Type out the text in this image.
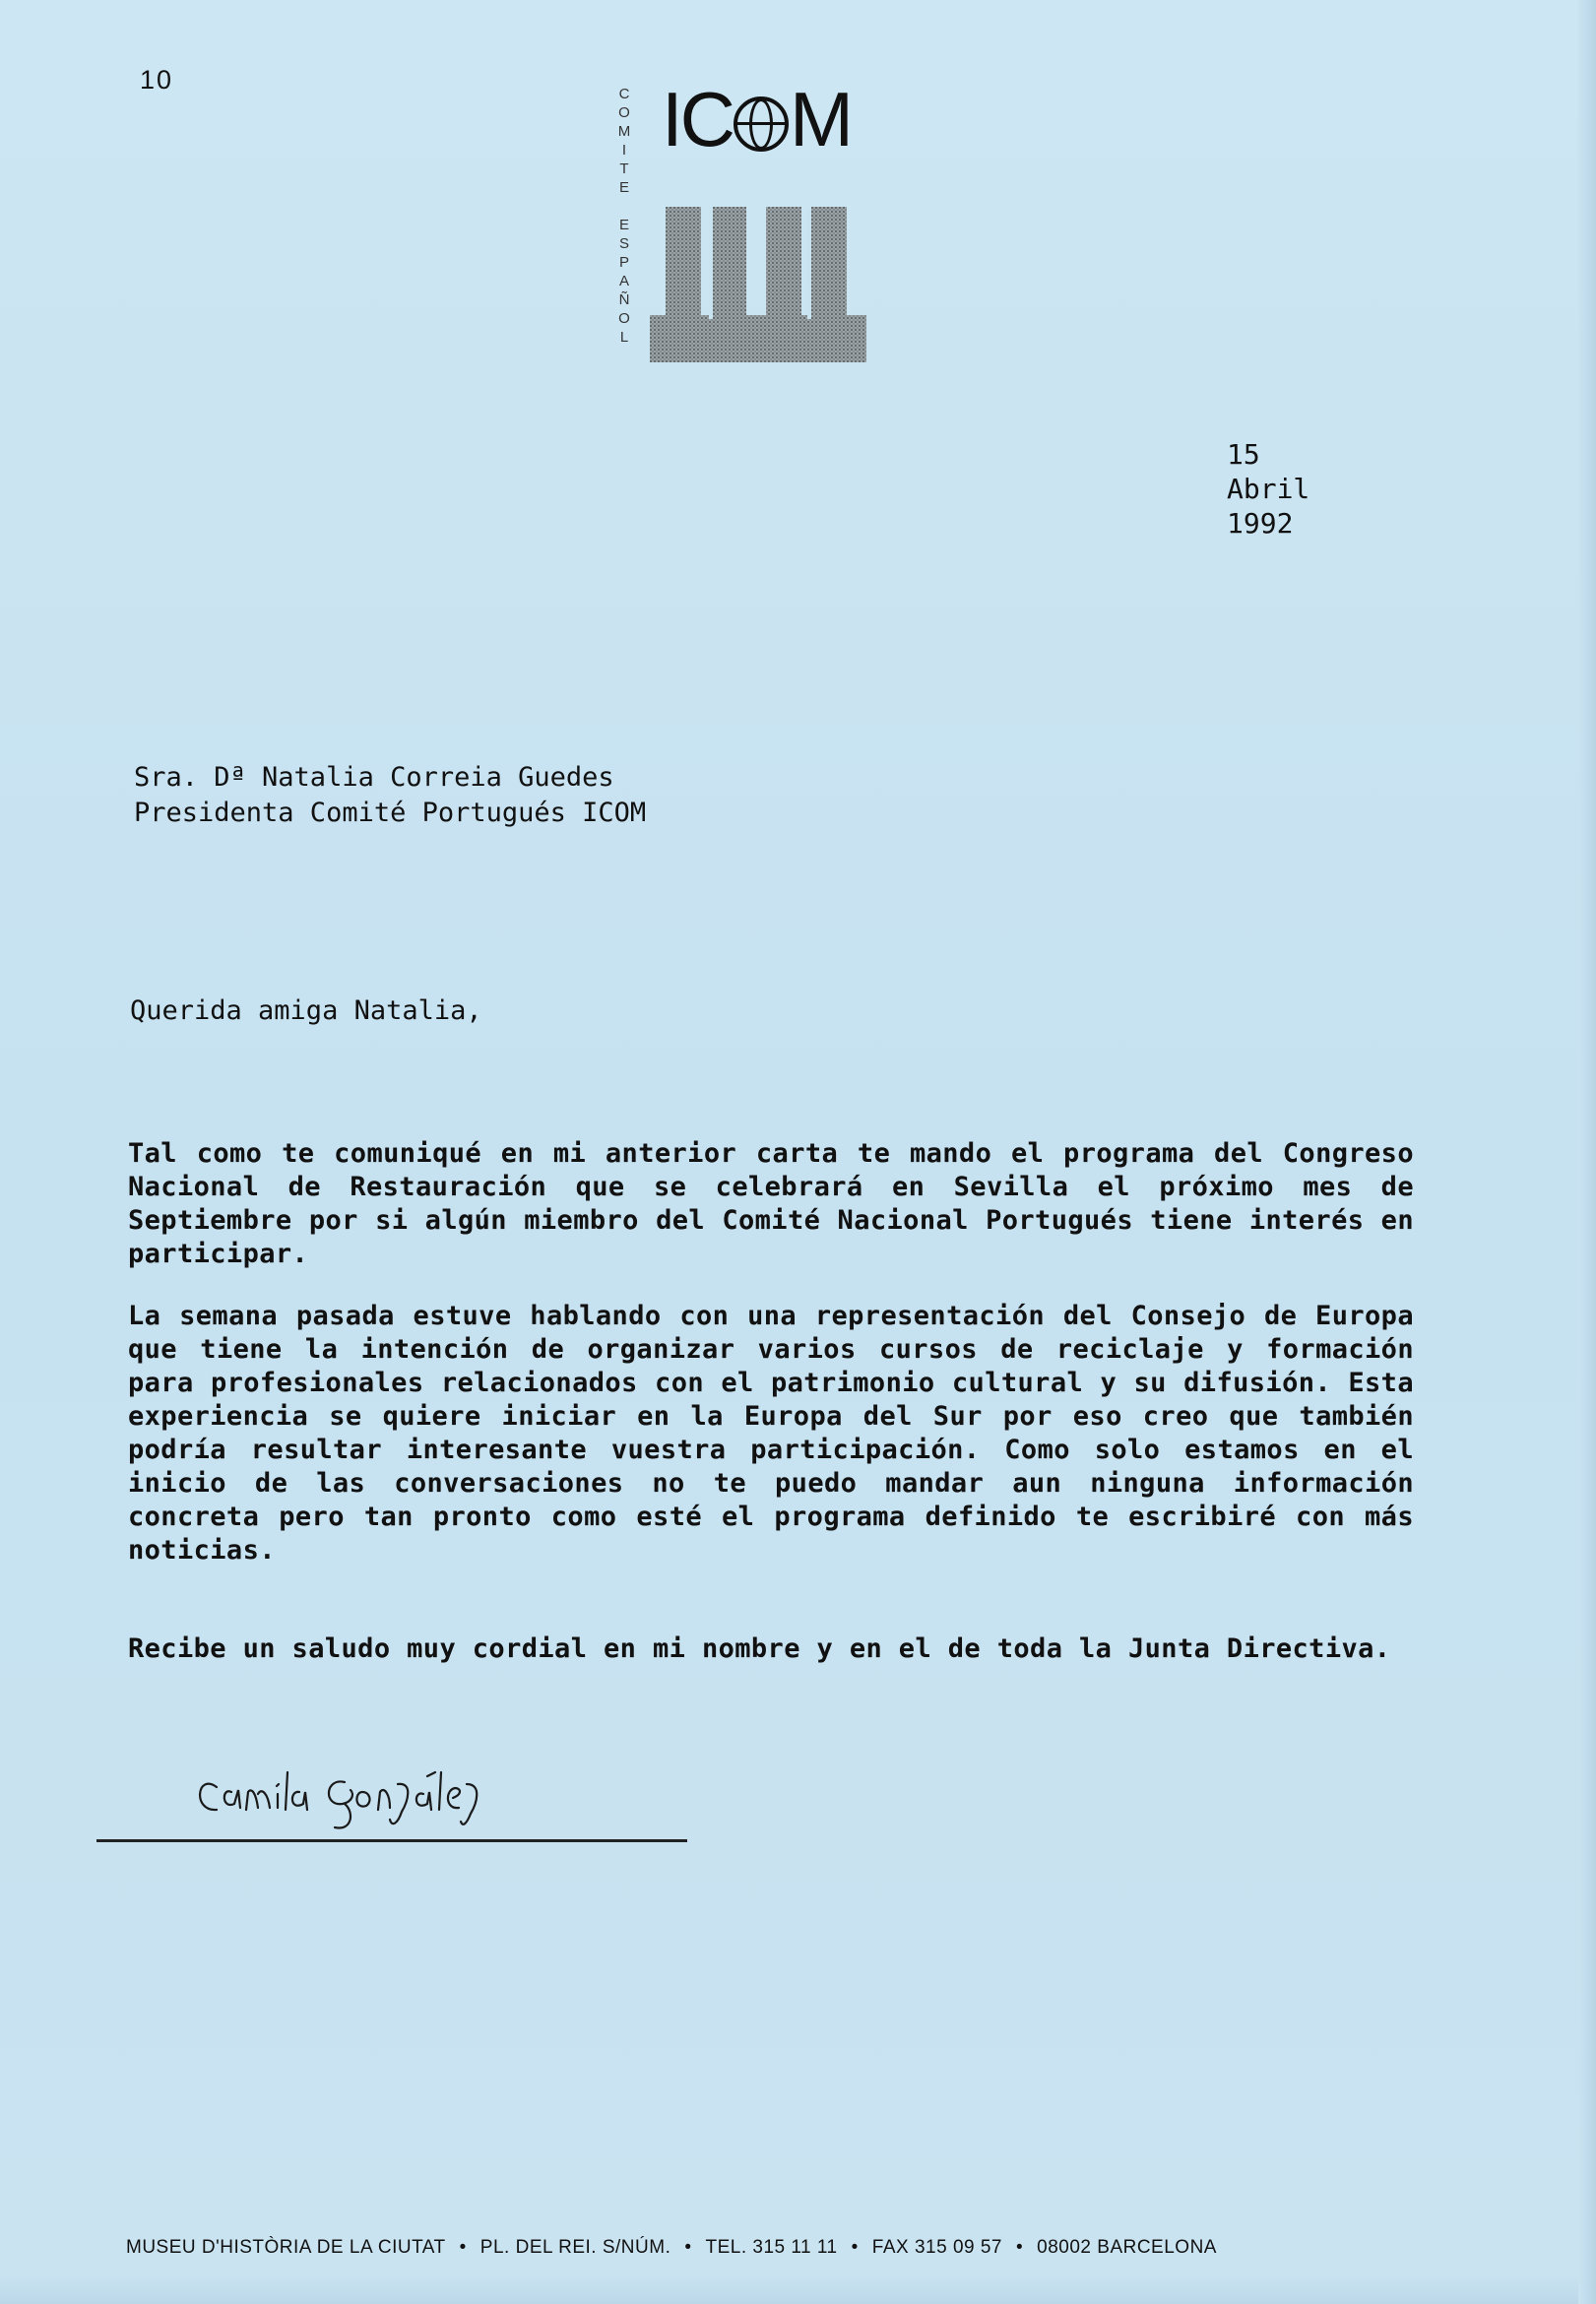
10	C
O
M
I
T
E

E
S
P
A
Ñ
O
L
IC M
15
Abril
1992
Sra. Dª Natalia Correia Guedes
Presidenta Comité Portugués ICOM
Querida amiga Natalia,
Tal como te comuniqué en mi anterior carta te mando el programa del Congreso Nacional de Restauración que se celebrará en Sevilla el próximo mes de Septiembre por si algún miembro del Comité Nacional Portugués tiene interés en participar.
La semana pasada estuve hablando con una representación del Consejo de Europa que tiene la intención de organizar varios cursos de reciclaje y formación para profesionales relacionados con el patrimonio cultural y su difusión. Esta experiencia se quiere iniciar en la Europa del Sur por eso creo que también podría resultar interesante vuestra participación. Como solo estamos en el inicio de las conversaciones no te puedo mandar aun ninguna información concreta pero tan pronto como esté el programa definido te escribiré con más noticias.
Recibe un saludo muy cordial en mi nombre y en el de toda la Junta Directiva.
MUSEU D'HISTÒRIA DE LA CIUTAT • PL. DEL REI. S/NÚM. • TEL. 315 11 11 • FAX 315 09 57 • 08002 BARCELONA
